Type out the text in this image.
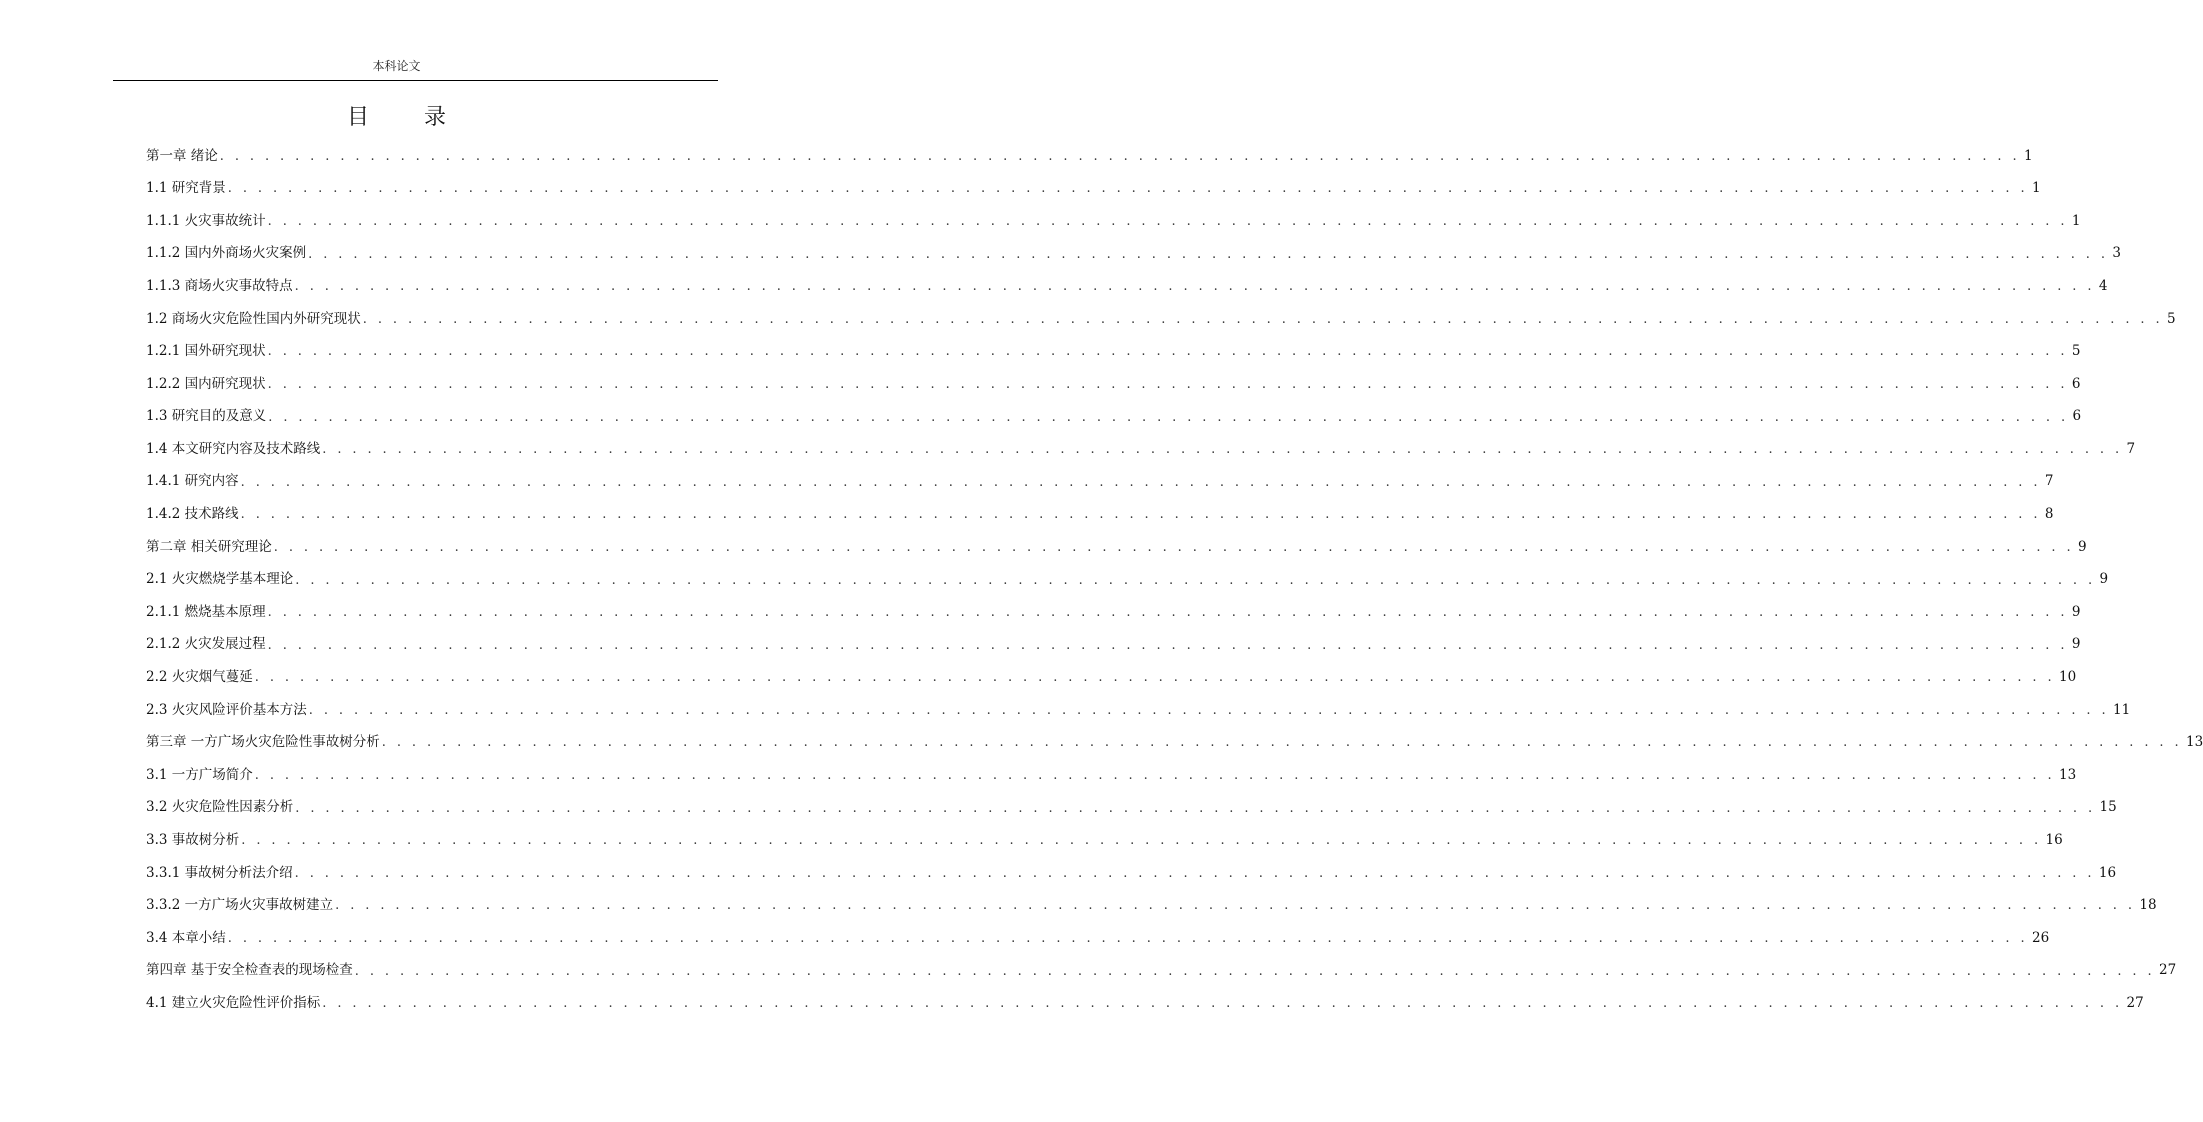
本科论文
目 录
第一章 绪论 . . . . . . . . . . . . . . . . . . . . . . . . . . . . . . . . . . . . . . . . . . . . . . . . . . . . . . . . . . . . . . . . . . . . . . . . . . . . . . . . . . . . . . . . . . . . . . . . . . . . . . . . . . . . . . . . . . . . . . . . 1
1.1 研究背景 . . . . . . . . . . . . . . . . . . . . . . . . . . . . . . . . . . . . . . . . . . . . . . . . . . . . . . . . . . . . . . . . . . . . . . . . . . . . . . . . . . . . . . . . . . . . . . . . . . . . . . . . . . . . . . . . . . . . . . . . 1
1.1.1 火灾事故统计 . . . . . . . . . . . . . . . . . . . . . . . . . . . . . . . . . . . . . . . . . . . . . . . . . . . . . . . . . . . . . . . . . . . . . . . . . . . . . . . . . . . . . . . . . . . . . . . . . . . . . . . . . . . . . . . . . . . . . . . . 1
1.1.2 国内外商场火灾案例 . . . . . . . . . . . . . . . . . . . . . . . . . . . . . . . . . . . . . . . . . . . . . . . . . . . . . . . . . . . . . . . . . . . . . . . . . . . . . . . . . . . . . . . . . . . . . . . . . . . . . . . . . . . . . . . . . . . . . . . . 3
1.1.3 商场火灾事故特点 . . . . . . . . . . . . . . . . . . . . . . . . . . . . . . . . . . . . . . . . . . . . . . . . . . . . . . . . . . . . . . . . . . . . . . . . . . . . . . . . . . . . . . . . . . . . . . . . . . . . . . . . . . . . . . . . . . . . . . . . 4
1.2 商场火灾危险性国内外研究现状 . . . . . . . . . . . . . . . . . . . . . . . . . . . . . . . . . . . . . . . . . . . . . . . . . . . . . . . . . . . . . . . . . . . . . . . . . . . . . . . . . . . . . . . . . . . . . . . . . . . . . . . . . . . . . . . . . . . . . . . . 5
1.2.1 国外研究现状 . . . . . . . . . . . . . . . . . . . . . . . . . . . . . . . . . . . . . . . . . . . . . . . . . . . . . . . . . . . . . . . . . . . . . . . . . . . . . . . . . . . . . . . . . . . . . . . . . . . . . . . . . . . . . . . . . . . . . . . . 5
1.2.2 国内研究现状 . . . . . . . . . . . . . . . . . . . . . . . . . . . . . . . . . . . . . . . . . . . . . . . . . . . . . . . . . . . . . . . . . . . . . . . . . . . . . . . . . . . . . . . . . . . . . . . . . . . . . . . . . . . . . . . . . . . . . . . . 6
1.3 研究目的及意义 . . . . . . . . . . . . . . . . . . . . . . . . . . . . . . . . . . . . . . . . . . . . . . . . . . . . . . . . . . . . . . . . . . . . . . . . . . . . . . . . . . . . . . . . . . . . . . . . . . . . . . . . . . . . . . . . . . . . . . . . 6
1.4 本文研究内容及技术路线 . . . . . . . . . . . . . . . . . . . . . . . . . . . . . . . . . . . . . . . . . . . . . . . . . . . . . . . . . . . . . . . . . . . . . . . . . . . . . . . . . . . . . . . . . . . . . . . . . . . . . . . . . . . . . . . . . . . . . . . . 7
1.4.1 研究内容 . . . . . . . . . . . . . . . . . . . . . . . . . . . . . . . . . . . . . . . . . . . . . . . . . . . . . . . . . . . . . . . . . . . . . . . . . . . . . . . . . . . . . . . . . . . . . . . . . . . . . . . . . . . . . . . . . . . . . . . . 7
1.4.2 技术路线 . . . . . . . . . . . . . . . . . . . . . . . . . . . . . . . . . . . . . . . . . . . . . . . . . . . . . . . . . . . . . . . . . . . . . . . . . . . . . . . . . . . . . . . . . . . . . . . . . . . . . . . . . . . . . . . . . . . . . . . . 8
第二章 相关研究理论 . . . . . . . . . . . . . . . . . . . . . . . . . . . . . . . . . . . . . . . . . . . . . . . . . . . . . . . . . . . . . . . . . . . . . . . . . . . . . . . . . . . . . . . . . . . . . . . . . . . . . . . . . . . . . . . . . . . . . . . . 9
2.1 火灾燃烧学基本理论 . . . . . . . . . . . . . . . . . . . . . . . . . . . . . . . . . . . . . . . . . . . . . . . . . . . . . . . . . . . . . . . . . . . . . . . . . . . . . . . . . . . . . . . . . . . . . . . . . . . . . . . . . . . . . . . . . . . . . . . . 9
2.1.1 燃烧基本原理 . . . . . . . . . . . . . . . . . . . . . . . . . . . . . . . . . . . . . . . . . . . . . . . . . . . . . . . . . . . . . . . . . . . . . . . . . . . . . . . . . . . . . . . . . . . . . . . . . . . . . . . . . . . . . . . . . . . . . . . . 9
2.1.2 火灾发展过程 . . . . . . . . . . . . . . . . . . . . . . . . . . . . . . . . . . . . . . . . . . . . . . . . . . . . . . . . . . . . . . . . . . . . . . . . . . . . . . . . . . . . . . . . . . . . . . . . . . . . . . . . . . . . . . . . . . . . . . . . 9
2.2 火灾烟气蔓延 . . . . . . . . . . . . . . . . . . . . . . . . . . . . . . . . . . . . . . . . . . . . . . . . . . . . . . . . . . . . . . . . . . . . . . . . . . . . . . . . . . . . . . . . . . . . . . . . . . . . . . . . . . . . . . . . . . . . . . . . 10
2.3 火灾风险评价基本方法 . . . . . . . . . . . . . . . . . . . . . . . . . . . . . . . . . . . . . . . . . . . . . . . . . . . . . . . . . . . . . . . . . . . . . . . . . . . . . . . . . . . . . . . . . . . . . . . . . . . . . . . . . . . . . . . . . . . . . . . . 11
第三章 一方广场火灾危险性事故树分析 . . . . . . . . . . . . . . . . . . . . . . . . . . . . . . . . . . . . . . . . . . . . . . . . . . . . . . . . . . . . . . . . . . . . . . . . . . . . . . . . . . . . . . . . . . . . . . . . . . . . . . . . . . . . . . . . . . . . . . . . 13
3.1 一方广场简介 . . . . . . . . . . . . . . . . . . . . . . . . . . . . . . . . . . . . . . . . . . . . . . . . . . . . . . . . . . . . . . . . . . . . . . . . . . . . . . . . . . . . . . . . . . . . . . . . . . . . . . . . . . . . . . . . . . . . . . . . 13
3.2 火灾危险性因素分析 . . . . . . . . . . . . . . . . . . . . . . . . . . . . . . . . . . . . . . . . . . . . . . . . . . . . . . . . . . . . . . . . . . . . . . . . . . . . . . . . . . . . . . . . . . . . . . . . . . . . . . . . . . . . . . . . . . . . . . . . 15
3.3 事故树分析 . . . . . . . . . . . . . . . . . . . . . . . . . . . . . . . . . . . . . . . . . . . . . . . . . . . . . . . . . . . . . . . . . . . . . . . . . . . . . . . . . . . . . . . . . . . . . . . . . . . . . . . . . . . . . . . . . . . . . . . . 16
3.3.1 事故树分析法介绍 . . . . . . . . . . . . . . . . . . . . . . . . . . . . . . . . . . . . . . . . . . . . . . . . . . . . . . . . . . . . . . . . . . . . . . . . . . . . . . . . . . . . . . . . . . . . . . . . . . . . . . . . . . . . . . . . . . . . . . . . 16
3.3.2 一方广场火灾事故树建立 . . . . . . . . . . . . . . . . . . . . . . . . . . . . . . . . . . . . . . . . . . . . . . . . . . . . . . . . . . . . . . . . . . . . . . . . . . . . . . . . . . . . . . . . . . . . . . . . . . . . . . . . . . . . . . . . . . . . . . . . 18
3.4 本章小结 . . . . . . . . . . . . . . . . . . . . . . . . . . . . . . . . . . . . . . . . . . . . . . . . . . . . . . . . . . . . . . . . . . . . . . . . . . . . . . . . . . . . . . . . . . . . . . . . . . . . . . . . . . . . . . . . . . . . . . . . 26
第四章 基于安全检查表的现场检查 . . . . . . . . . . . . . . . . . . . . . . . . . . . . . . . . . . . . . . . . . . . . . . . . . . . . . . . . . . . . . . . . . . . . . . . . . . . . . . . . . . . . . . . . . . . . . . . . . . . . . . . . . . . . . . . . . . . . . . . . 27
4.1 建立火灾危险性评价指标 . . . . . . . . . . . . . . . . . . . . . . . . . . . . . . . . . . . . . . . . . . . . . . . . . . . . . . . . . . . . . . . . . . . . . . . . . . . . . . . . . . . . . . . . . . . . . . . . . . . . . . . . . . . . . . . . . . . . . . . . 27
